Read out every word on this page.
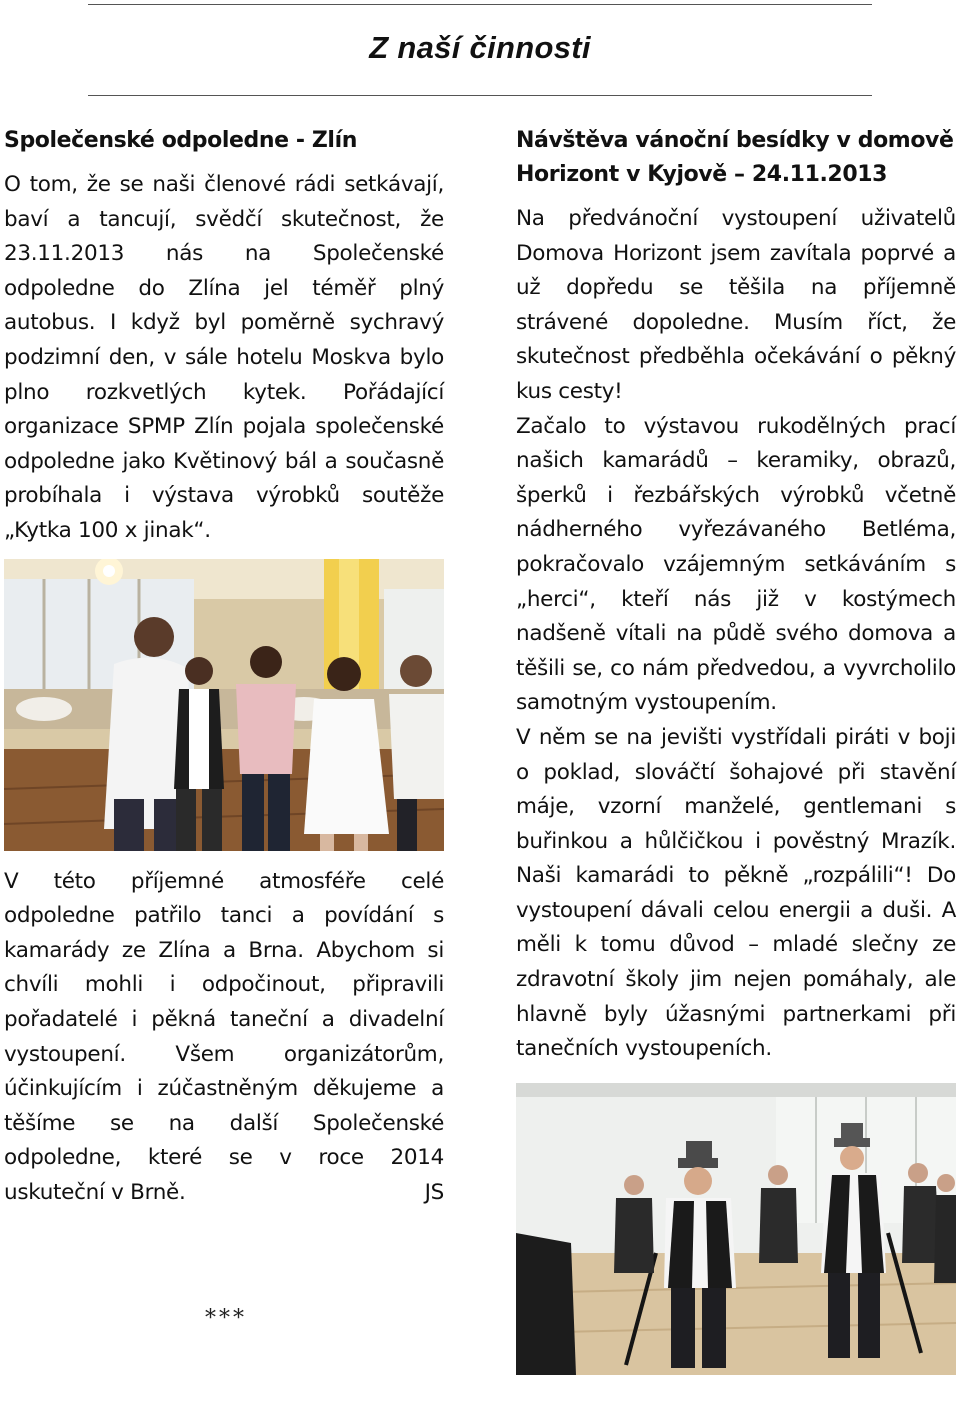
Z naší činnosti
Společenské odpoledne - Zlín

O tom, že se naši členové rádi setkávají, baví a tancují, svědčí skutečnost, že 23.11.2013 nás na Společenské odpoledne do Zlína jel téměř plný autobus. I když byl poměrně sychravý podzimní den, v sále hotelu Moskva bylo plno rozkvetlých kytek. Pořádající organizace SPMP Zlín pojala společenské odpoledne jako Květinový bál a současně probíhala i výstava výrobků soutěže „Kytka 100 x jinak“.

V této příjemné atmosféře celé odpoledne patřilo tanci a povídání s kamarády ze Zlína a Brna. Abychom si chvíli mohli i odpočinout, připravili pořadatelé i pěkná taneční a divadelní vystoupení. Všem organizátorům, účinkujícím i zúčastněným děkujeme a těšíme se na další Společenské odpoledne, které se v roce 2014 uskuteční v Brně.	JS

***
Návštěva vánoční besídky v domově Horizont v Kyjově – 24.11.2013

Na předvánoční vystoupení uživatelů Domova Horizont jsem zavítala poprvé a už dopředu se těšila na příjemně strávené dopoledne. Musím říct, že skutečnost předběhla očekávání o pěkný kus cesty!

Začalo to výstavou rukodělných prací našich kamarádů – keramiky, obrazů, šperků i řezbářských výrobků včetně nádherného vyřezávaného Betléma, pokračovalo vzájemným setkáváním s „herci“, kteří nás již v kostýmech nadšeně vítali na půdě svého domova a těšili se, co nám předvedou, a vyvrcholilo samotným vystoupením.

V něm se na jevišti vystřídali piráti v boji o poklad, slováčtí šohajové při stavění máje, vzorní manželé, gentlemani s buřinkou a hůlčičkou i pověstný Mrazík. Naši kamarádi to pěkně „rozpálili“! Do vystoupení dávali celou energii a duši. A měli k tomu důvod – mladé slečny ze zdravotní školy jim nejen pomáhaly, ale hlavně byly úžasnými partnerkami při tanečních vystoupeních.
